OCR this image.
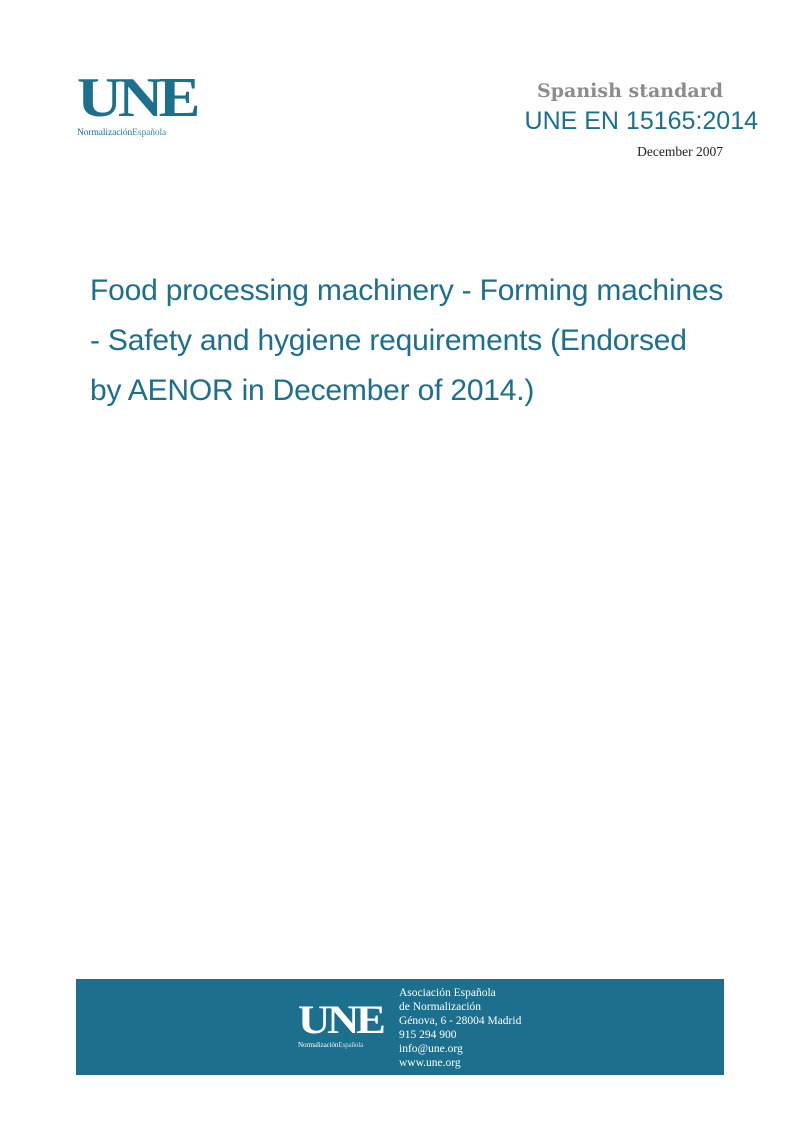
UNE
NormalizaciónEspañola
Spanish standard
UNE EN 15165:2014
December 2007
Food processing machinery - Forming machines
- Safety and hygiene requirements (Endorsed
by AENOR in December of 2014.)
UNE
NormalizaciónEspañola
Asociación Española
de Normalización
Génova, 6 - 28004 Madrid
915 294 900
info@une.org
www.une.org
